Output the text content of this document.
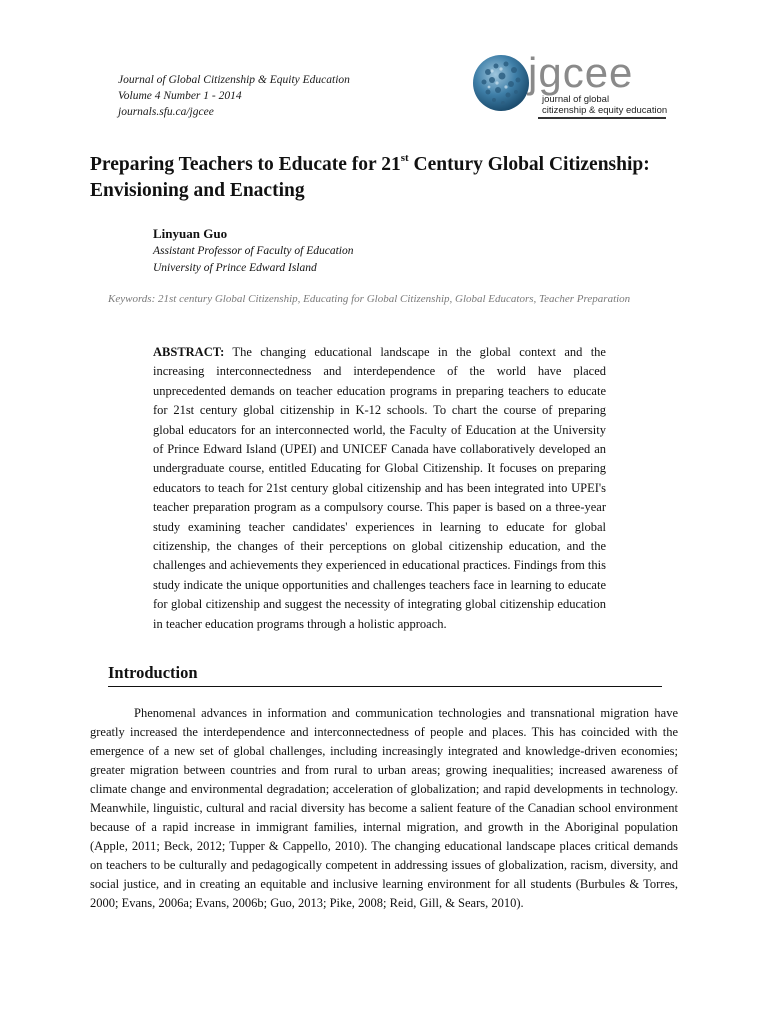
Journal of Global Citizenship & Equity Education
Volume 4 Number 1 - 2014
journals.sfu.ca/jgcee
jgcee
journal of global
citizenship & equity education
Preparing Teachers to Educate for 21st Century Global Citizenship: Envisioning and Enacting
Linyuan Guo
Assistant Professor of Faculty of Education
University of Prince Edward Island
Keywords: 21st century Global Citizenship, Educating for Global Citizenship, Global Educators, Teacher Preparation
ABSTRACT: The changing educational landscape in the global context and the increasing interconnectedness and interdependence of the world have placed unprecedented demands on teacher education programs in preparing teachers to educate for 21st century global citizenship in K-12 schools. To chart the course of preparing global educators for an interconnected world, the Faculty of Education at the University of Prince Edward Island (UPEI) and UNICEF Canada have collaboratively developed an undergraduate course, entitled Educating for Global Citizenship. It focuses on preparing educators to teach for 21st century global citizenship and has been integrated into UPEI's teacher preparation program as a compulsory course. This paper is based on a three-year study examining teacher candidates' experiences in learning to educate for global citizenship, the changes of their perceptions on global citizenship education, and the challenges and achievements they experienced in educational practices. Findings from this study indicate the unique opportunities and challenges teachers face in learning to educate for global citizenship and suggest the necessity of integrating global citizenship education in teacher education programs through a holistic approach.
Introduction
Phenomenal advances in information and communication technologies and transnational migration have greatly increased the interdependence and interconnectedness of people and places. This has coincided with the emergence of a new set of global challenges, including increasingly integrated and knowledge-driven economies; greater migration between countries and from rural to urban areas; growing inequalities; increased awareness of climate change and environmental degradation; acceleration of globalization; and rapid developments in technology. Meanwhile, linguistic, cultural and racial diversity has become a salient feature of the Canadian school environment because of a rapid increase in immigrant families, internal migration, and growth in the Aboriginal population (Apple, 2011; Beck, 2012; Tupper & Cappello, 2010). The changing educational landscape places critical demands on teachers to be culturally and pedagogically competent in addressing issues of globalization, racism, diversity, and social justice, and in creating an equitable and inclusive learning environment for all students (Burbules & Torres, 2000; Evans, 2006a; Evans, 2006b; Guo, 2013; Pike, 2008; Reid, Gill, & Sears, 2010).
